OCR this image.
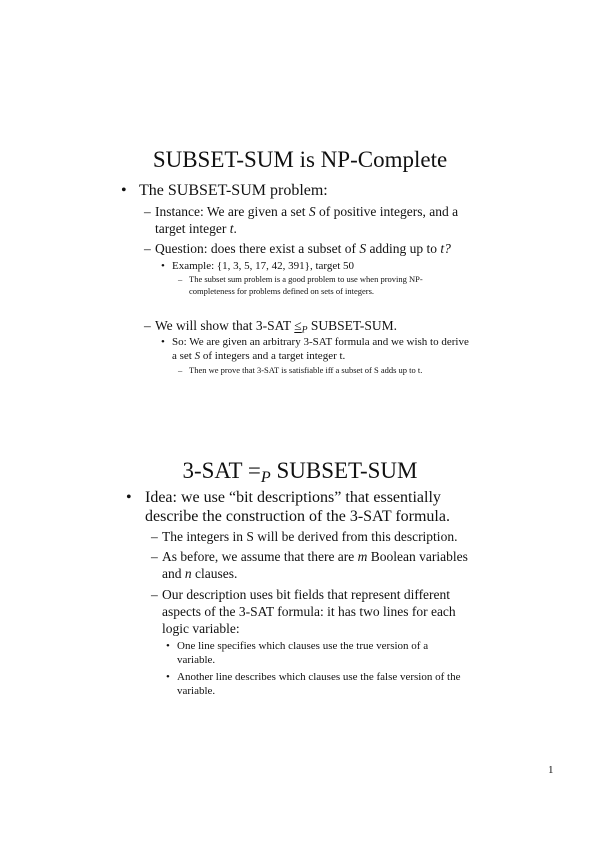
SUBSET-SUM is NP-Complete
• The SUBSET-SUM problem:
– Instance: We are given a set S of positive integers, and a target integer t.
– Question: does there exist a subset of S adding up to t?
• Example: {1, 3, 5, 17, 42, 391}, target 50
– The subset sum problem is a good problem to use when proving NP-completeness for problems defined on sets of integers.
– We will show that $3-SAT \le_P$ SUBSET-SUM.
• So: We are given an arbitrary 3-SAT formula and we wish to derive a set S of integers and a target integer t.
– Then we prove that 3-SAT is satisfiable iff a subset of S adds up to t.
$3-SAT =_P$ SUBSET-SUM
• Idea: we use “bit descriptions” that essentially describe the construction of the 3-SAT formula.
– The integers in S will be derived from this description.
– As before, we assume that there are m Boolean variables and n clauses.
– Our description uses bit fields that represent different aspects of the 3-SAT formula: it has two lines for each logic variable:
• One line specifies which clauses use the true version of a variable.
• Another line describes which clauses use the false version of the variable.
1
